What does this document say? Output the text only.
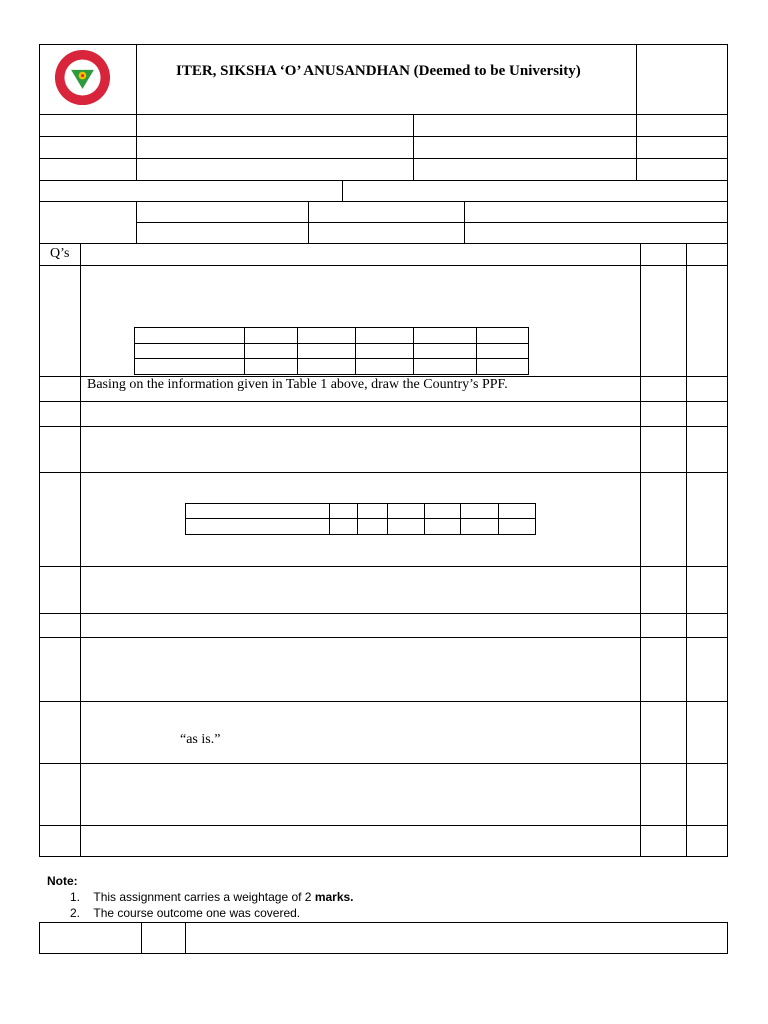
ITER, SIKSHA ‘O’ ANUSANDHAN (Deemed to be University)
Q’s
Basing on the information given in Table 1 above, draw the Country’s PPF.
“as is.”
Note:
1. This assignment carries a weightage of 2 marks.
2. The course outcome one was covered.
